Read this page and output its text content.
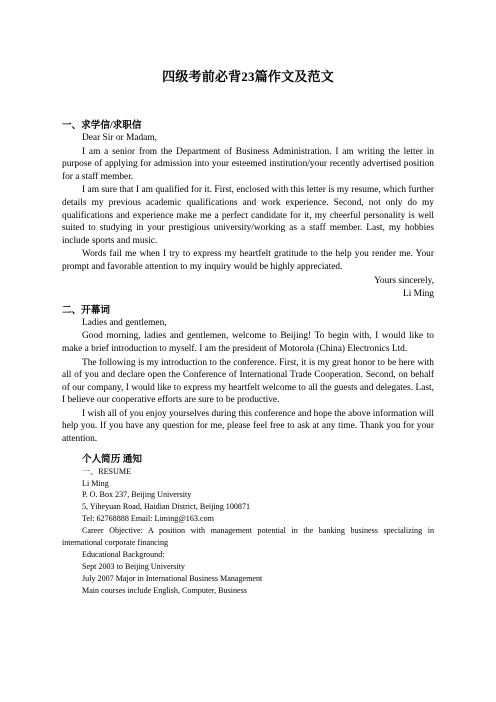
四级考前必背23篇作文及范文
一、求学信/求职信
Dear Sir or Madam,
I am a senior from the Department of Business Administration. I am writing the letter in purpose of applying for admission into your esteemed institution/your recently advertised position for a staff member.
I am sure that I am qualified for it. First, enclosed with this letter is my resume, which further details my previous academic qualifications and work experience. Second, not only do my qualifications and experience make me a perfect candidate for it, my cheerful personality is well suited to studying in your prestigious university/working as a staff member. Last, my hobbies include sports and music.
Words fail me when I try to express my heartfelt gratitude to the help you render me. Your prompt and favorable attention to my inquiry would be highly appreciated.
Yours sincerely,
Li Ming
二、开幕词
Ladies and gentlemen,
Good morning, ladies and gentlemen, welcome to Beijing! To begin with, I would like to make a brief introduction to myself. I am the president of Motorola (China) Electronics Ltd.
The following is my introduction to the conference. First, it is my great honor to be here with all of you and declare open the Conference of International Trade Cooperation. Second, on behalf of our company, I would like to express my heartfelt welcome to all the guests and delegates. Last, I believe our cooperative efforts are sure to be productive.
I wish all of you enjoy yourselves during this conference and hope the above information will help you. If you have any question for me, please feel free to ask at any time. Thank you for your attention.
个人简历 通知
一、RESUME
Li Ming
P. O. Box 237, Beijing University
5, Yiheyuan Road, Haidian District, Beijing 100871
Tel: 62768888 Email: Liming@163.com
Career Objective: A position with management potential in the banking business specializing in international corporate financing
Educational Background:
Sept 2003 to Beijing University
July 2007 Major in International Business Management
Main courses include English, Computer, Business
